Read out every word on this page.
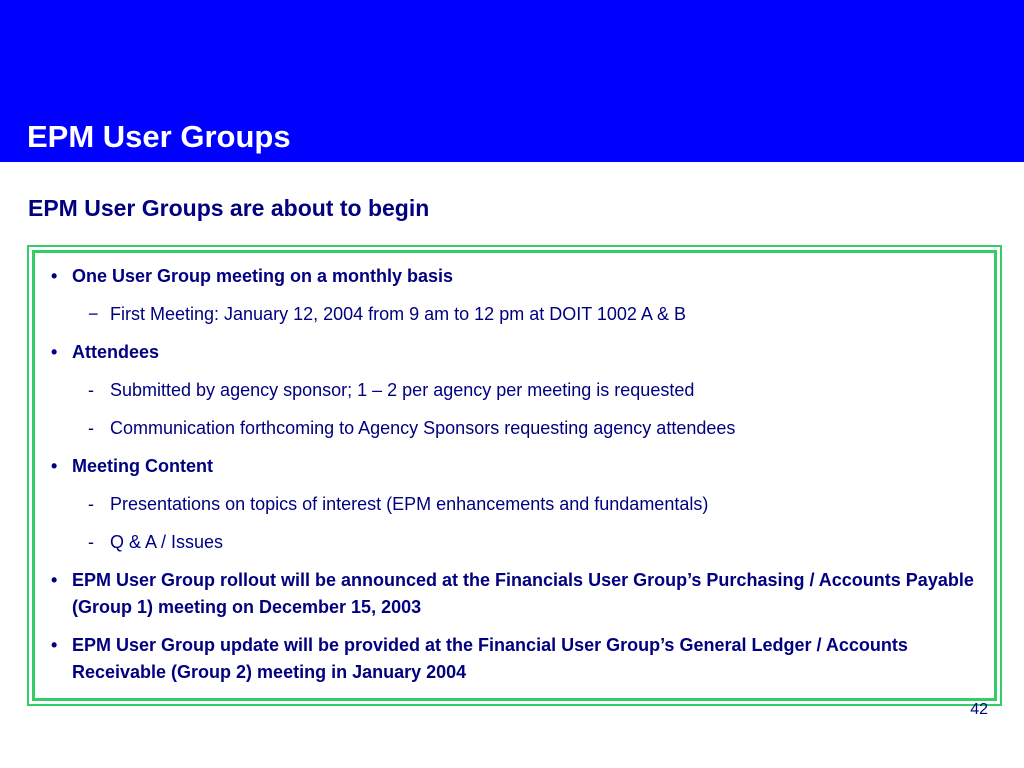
EPM User Groups
EPM User Groups are about to begin
• One User Group meeting on a monthly basis
− First Meeting: January 12, 2004 from 9 am to 12 pm at DOIT 1002 A & B
• Attendees
- Submitted by agency sponsor; 1 – 2 per agency per meeting is requested
- Communication forthcoming to Agency Sponsors requesting agency attendees
• Meeting Content
- Presentations on topics of interest (EPM enhancements and fundamentals)
- Q & A / Issues
• EPM User Group rollout will be announced at the Financials User Group’s Purchasing / Accounts Payable (Group 1) meeting on December 15, 2003
• EPM User Group update will be provided at the Financial User Group’s General Ledger / Accounts Receivable (Group 2) meeting in January 2004
42
